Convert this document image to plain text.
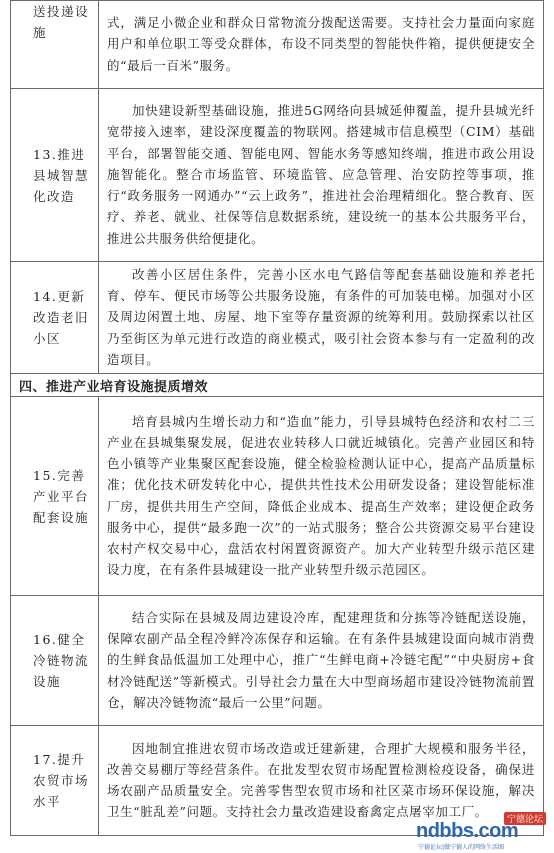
送投递设施	式，满足小微企业和群众日常物流分拨配送需要。支持社会力量面向家庭用户和单位职工等受众群体，布设不同类型的智能快件箱，提供便捷安全的“最后一百米”服务。

13.推进县城智慧化改造	加快建设新型基础设施，推进5G网络向县城延伸覆盖，提升县城光纤宽带接入速率，建设深度覆盖的物联网。搭建城市信息模型（CIM）基础平台，部署智能交通、智能电网、智能水务等感知终端，推进市政公用设施智能化。整合市场监管、环境监管、应急管理、治安防控等事项，推行“政务服务一网通办”“云上政务”，推进社会治理精细化。整合教育、医疗、养老、就业、社保等信息数据系统，建设统一的基本公共服务平台，推进公共服务供给便捷化。

14.更新改造老旧小区	改善小区居住条件，完善小区水电气路信等配套基础设施和养老托育、停车、便民市场等公共服务设施，有条件的可加装电梯。加强对小区及周边闲置土地、房屋、地下室等存量资源的统筹利用。鼓励探索以社区乃至街区为单元进行改造的商业模式，吸引社会资本参与有一定盈利的改造项目。

四、推进产业培育设施提质增效	
15.完善产业平台配套设施	培育县城内生增长动力和“造血”能力，引导县城特色经济和农村二三产业在县城集聚发展，促进农业转移人口就近城镇化。完善产业园区和特色小镇等产业集聚区配套设施，健全检验检测认证中心，提高产品质量标准；优化技术研发转化中心，提供共性技术公用研发设备；建设智能标准厂房，提供共用生产空间，降低企业成本、提高生产效率；建设便企政务服务中心，提供“最多跑一次”的一站式服务；整合公共资源交易平台建设农村产权交易中心，盘活农村闲置资源资产。加大产业转型升级示范区建设力度，在有条件县城建设一批产业转型升级示范园区。

16.健全冷链物流设施	结合实际在县城及周边建设冷库，配建理货和分拣等冷链配送设施，保障农副产品全程冷鲜冷冻保存和运输。在有条件县城建设面向城市消费的生鲜食品低温加工处理中心，推广“生鲜电商+冷链宅配”“中央厨房+食材冷链配送”等新模式。引导社会力量在大中型商场超市建设冷链物流前置仓，解决冷链物流“最后一公里”问题。

17.提升农贸市场水平	因地制宜推进农贸市场改造或迁建新建，合理扩大规模和服务半径，改善交易棚厅等经营条件。在批发型农贸市场配置检测检疫设备，确保进场农副产品质量安全。完善零售型农贸市场和社区菜市场环保设施，解决卫生“脏乱差”问题。支持社会力量改造建设畜禽定点屠宰加工厂。

宁德论坛
ndbbs.com
宁德论坛|做宁德人的网络生活圈
